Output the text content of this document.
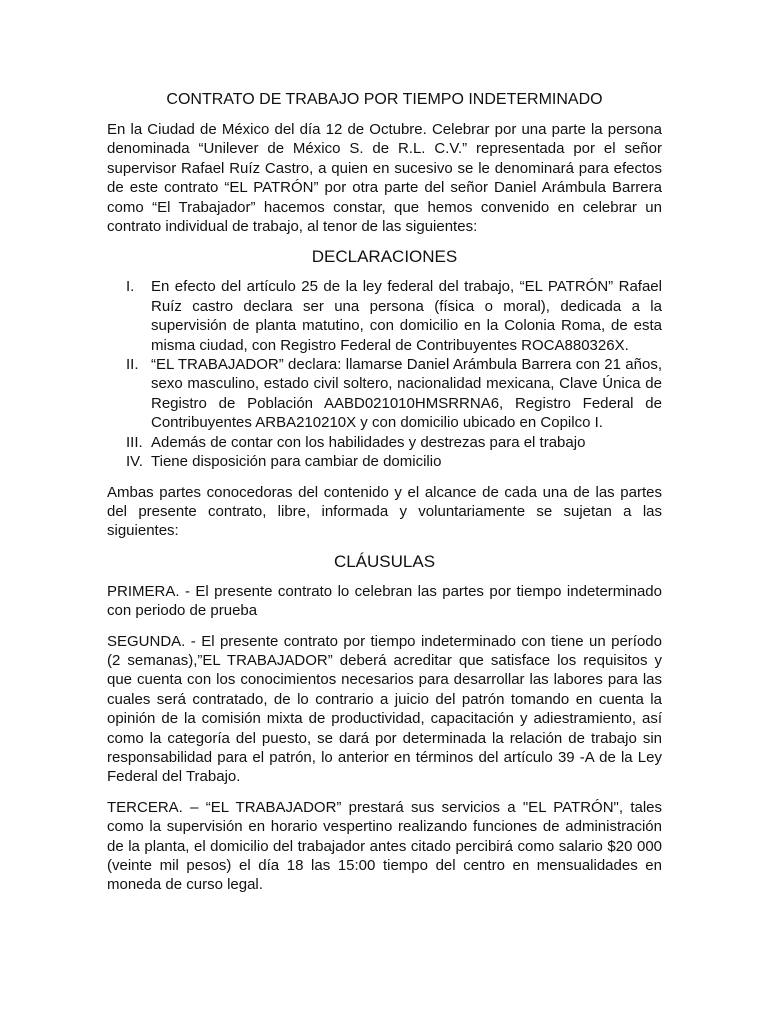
CONTRATO DE TRABAJO POR TIEMPO INDETERMINADO

En la Ciudad de México del día 12 de Octubre. Celebrar por una parte la persona denominada “Unilever de México S. de R.L. C.V.” representada por el señor supervisor Rafael Ruíz Castro, a quien en sucesivo se le denominará para efectos de este contrato “EL PATRÓN” por otra parte del señor Daniel Arámbula Barrera como “El Trabajador” hacemos constar, que hemos convenido en celebrar un contrato individual de trabajo, al tenor de las siguientes:

DECLARACIONES
I.	En efecto del artículo 25 de la ley federal del trabajo, “EL PATRÓN” Rafael Ruíz castro declara ser una persona (física o moral), dedicada a la supervisión de planta matutino, con domicilio en la Colonia Roma, de esta misma ciudad, con Registro Federal de Contribuyentes ROCA880326X.
II. “EL TRABAJADOR” declara: llamarse Daniel Arámbula Barrera con 21 años, sexo masculino, estado civil soltero, nacionalidad mexicana, Clave Única de Registro de Población AABD021010HMSRRNA6, Registro Federal de Contribuyentes ARBA210210X y con domicilio ubicado en Copilco I.
III. Además de contar con los habilidades y destrezas para el trabajo
IV. Tiene disposición para cambiar de domicilio

Ambas partes conocedoras del contenido y el alcance de cada una de las partes del presente contrato, libre, informada y voluntariamente se sujetan a las siguientes:

CLÁUSULAS

PRIMERA. - El presente contrato lo celebran las partes por tiempo indeterminado con periodo de prueba

SEGUNDA. - El presente contrato por tiempo indeterminado con tiene un período (2 semanas),”EL TRABAJADOR” deberá acreditar que satisface los requisitos y que cuenta con los conocimientos necesarios para desarrollar las labores para las cuales será contratado, de lo contrario a juicio del patrón tomando en cuenta la opinión de la comisión mixta de productividad, capacitación y adiestramiento, así como la categoría del puesto, se dará por determinada la relación de trabajo sin responsabilidad para el patrón, lo anterior en términos del artículo 39 -A de la Ley Federal del Trabajo.

TERCERA. – “EL TRABAJADOR” prestará sus servicios a "EL PATRÓN", tales como la supervisión en horario vespertino realizando funciones de administración de la planta, el domicilio del trabajador antes citado percibirá como salario $20 000 (veinte mil pesos) el día 18 las 15:00 tiempo del centro en mensualidades en moneda de curso legal.
